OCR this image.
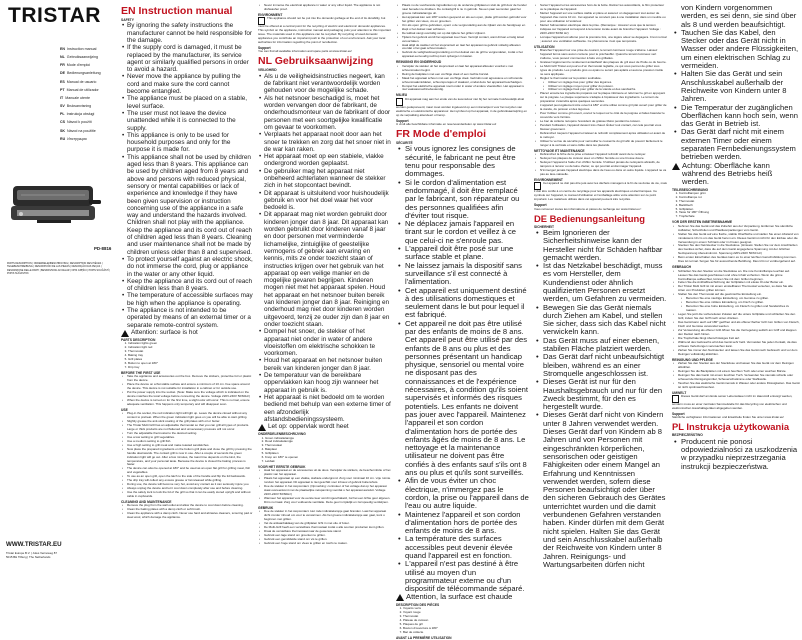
TRISTAR
EN Instruction manual
NL Gebruiksaanwijzing
FR Mode d'emploi
DE Bedienungsanleitung
ES Manual de usuario
PT Manual de utilizador
IT Manuale utente
SV Bruksanvisning
PL Instrukcja obsługi
CS Návod k použití
SK Návod na použitie
RU Инструкция
PD-8816
PARTS DESCRIPTION | ONDERDELENBESCHRIJVING | DESCRIPTION DES PIÈCES | TEILEBESCHREIBUNG | DESCRIPCIÓN DE LAS PIEZAS | DESCRIÇÃO DAS PEÇAS | DESCRIZIONE DELLE PARTI | BESKRIVNING AV DELAR | OPIS CZĘŚCI | POPIS SOUČÁSTÍ | POPIS SÚČIASTOK
WWW.TRISTAR.EU
Tristar Europe B.V. | Jules Verneweg 87
5015 BH Tilburg | The Netherlands
EN Instruction manual
SAFETY
• By ignoring the safety instructions the manufacturer cannot be held responsible for the damage.
• If the supply cord is damaged, it must be replaced by the manufacturer, its service agent or similarly qualified persons in order to avoid a hazard.
• Never move the appliance by pulling the cord and make sure the cord cannot become entangled.
• The appliance must be placed on a stable, level surface.
• The user must not leave the device unattended while it is connected to the supply.
• This appliance is only to be used for household purposes and only for the purpose it is made for.
• This appliance shall not be used by children aged less than 8 years. This appliance can be used by children aged from 8 years and above and persons with reduced physical, sensory or mental capabilities or lack of experience and knowledge if they have been given supervision or instruction concerning use of the appliance in a safe way and understand the hazards involved. Children shall not play with the appliance. Keep the appliance and its cord out of reach of children aged less than 8 years. Cleaning and user maintenance shall not be made by children unless older than 8 and supervised.
• To protect yourself against an electric shock, do not immerse the cord, plug or appliance in the water or any other liquid.
• Keep the appliance and its cord out of reach of children less than 8 years.
• The temperature of accessible surfaces may be high when the appliance is operating.
• The appliance is not intended to be operated by means of an external timer or a separate remote-control system.
Attention: surface is hot
PARTS DESCRIPTION
1. Indication lights green
2. Indication light red
3. Thermostat
4. Baking tray
5. Grill plates
6. Button to open at 180°
7. Drip tray
BEFORE THE FIRST USE
• Take the appliance and accessories out the box. Remove the stickers, protective foil or plastic from the device.
• Place the device on a flat stable surface and ensure a minimum of 10 cm. free space around the device. This device is not suitable for installation in a cabinet or for outside use.
• Put the power supply into the socket. (Note: Make sure the voltage which is indicated on the device matches the local voltage before connecting the device. Voltage 220V-240V 50/60Hz)
• When the device is turned on for the first time, a slight odor will occur. This is normal, ensure adequate ventilation. This happens only temporary and will disappear soon.
USE
• Plug-in the socket, the red indication light will light up. Leave the device closed without any content to preheat. When the green indication light goes on you will be able to start grilling.
• Slightly grease the anti-stick coating of the grill plates with oil or butter.
• The Tristar Multi Grill has an adjustable thermostat so that you can grill all types of products. Large or thick products are not flattened and unnecessary pressure will not occur.
• Turn the adjustable thermostat to the desired setting.
• Use a low setting to grill vegetables.
• Use a medium setting to grill fish.
• Use a high setting to grill meat and make toasted sandwiches.
• Now place the prepared ingredients on the bottom grill plate and close the grill by pressing the handle downwards. The contact grill is now in use. After a couple of seconds the green indication light will go out. After a few minutes, the toast time depends on the kind, the temperature, and your personal taste. Because the device is closed the baking process is faster.
• The device can also be opened at 180° and be used as an open flat grill for grilling meat, fish and vegetables.
• To use as an open grill, open the latch to the side of the handle and flip the lid backwards.
• The drip tray will collect any excess grease or fat released while grilling.
• During use, the device will become very hot, avoid any contact as it can seriously injure you.
• Always unplug the device and let it cool down completely after use and before cleaning.
• Use the safety lock to lock the lid of the grill so that it can be easily stored upright and without cable in cupboards.
CLEANING AND MAINTENANCE
• Remove the plug from the wall outlet and allow the device to cool down before cleaning.
• Clean the baking plates with a damp cloth or soft brush.
• Clean the appliance with a damp cloth. Never use hard and abrasive cleaners, scouring pad or steel wool, which damage the appliance.
• Never immerse the electrical appliance in water or any other liquid. The appliance is not dishwasher proof.
ENVIRONMENT

This appliance should not be put into the domestic garbage at the end of its durability, but must be offered at a central point for the recycling of electric and electronic domestic appliances. This symbol on the appliance, instruction manual and packaging puts your attention to this important issue. The materials used in this appliance can be recycled. By recycling of used domestic appliances you contribute an important push to the protection of our environment. Ask your local authorities for information regarding the point of recollection.

Support

You can find all available information and spare parts at www.tristar.eu!

NL Gebruiksaanwijzing
VEILIGHEID
• Als u de veiligheidsinstructies negeert, kan de fabrikant niet verantwoordelijk worden gehouden voor de mogelijke schade.
• Als het netsnoer beschadigd is, moet het worden vervangen door de fabrikant, de onderhoudsmonteur van de fabrikant of door personen met een soortgelijke kwalificatie om gevaar te voorkomen.
• Verplaats het apparaat nooit door aan het snoer te trekken en zorg dat het snoer niet in de war kan raken.
• Het apparaat moet op een stabiele, vlakke ondergrond worden geplaatst.
• De gebruiker mag het apparaat niet onbeheerd achterlaten wanneer de stekker zich in het stopcontact bevindt.
• Dit apparaat is uitsluitend voor huishoudelijk gebruik en voor het doel waar het voor bedoeld is.
• Dit apparaat mag niet worden gebruikt door kinderen jonger dan 8 jaar. Dit apparaat kan worden gebruikt door kinderen vanaf 8 jaar en door personen met verminderde lichamelijke, zintuiglijke of geestelijke vermogens of gebrek aan ervaring en kennis, mits ze onder toezicht staan of instructies krijgen over het gebruik van het apparaat op een veilige manier en de mogelijke gevaren begrijpen. Kinderen mogen niet met het apparaat spelen. Houd het apparaat en het netsnoer buiten bereik van kinderen jonger dan 8 jaar. Reiniging en onderhoud mag niet door kinderen worden uitgevoerd, tenzij ze ouder zijn dan 8 jaar en onder toezicht staan.
• Dompel het snoer, de stekker of het apparaat niet onder in water of andere vloeistoffen om elektrische schokken te voorkomen.
• Houd het apparaat en het netsnoer buiten bereik van kinderen jonger dan 8 jaar.
• De temperatuur van de bereikbare oppervlakken kan hoog zijn wanneer het apparaat in gebruik is.
• Het apparaat is niet bedoeld om te worden bediend met behulp van een externe timer of een afzonderlijk afstandsbedieningssysteem.
Let op: oppervlak wordt heet
ONDERDELENBESCHRIJVING
1. Groen indicatielampje
2. Rood indicatielampje
3. Thermostaat
4. Bakplaat
5. Grillplaten
6. Knop om 180° te openen
7. Lekbak
VOOR HET EERSTE GEBRUIK
• Haal het apparaat en de accessoires uit de doos. Verwijder de stickers, de beschermfolie of het plastic van het apparaat.
• Plaats het apparaat op een vlakke, stabiele ondergrond. Zorg voor minimaal 10 cm. vrije ruimte rondom het apparaat. Dit apparaat is niet geschikt voor inbouw of gebruik buitenshuis.
• Doe de stekker in het stopcontact. (Opmerking: controleer of het voltage dat op het apparaat staat overeenkomt met de plaatselijke netspanning voordat u het apparaat aansluit. Voltage 220V-240V 50/60Hz)
• Wanneer het apparaat voor de eerste keer wordt ingeschakeld, zal het een lichte geur afgeven. Dit is normaal. Zorg voor voldoende ventilatie. Deze geur is tijdelijk en zal spoedig verdwijnen.
GEBRUIK
• Doe de stekker in het stopcontact. Het rode indicatielampje gaat branden. Laat het apparaat dicht zonder inhoud om voor te verwarmen. Als het groene indicatielampje aan gaat, kunt u beginnen met grillen.
• Vet de antiaanbaklaag van de grillplaten licht in met olie of boter.
• De Multi-Grill heeft een verstelbare thermostaat zodat u alle soorten producten kunt grillen.
• Draai de verstelbare thermostaat naar de gewenste stand.
• Gebruik een lage stand om groenten te grillen.
• Gebruik een gemiddelde stand om vis te grillen.
• Gebruik een hoge stand om vlees te grillen en tosti's te maken.
• Plaats nu de voorbereide ingrediënten op de onderste grillplaat en sluit de grill door de hendel naar beneden te drukken. De contactgrill is nu in gebruik. Na een paar seconden gaat het groene indicatielampje uit.
• Het apparaat kan ook 180° worden geopend en als een open, platte grill worden gebruikt voor het grillen van vlees, vis en groenten.
• Om als open grill te gebruiken, opent u de vergrendeling aan de zijkant van de handgreep en klapt u het deksel naar achteren.
• De lekbak vangt overtollig vet op dat tijdens het grillen vrijkomt.
• Tijdens het gebruik wordt het apparaat zeer heet. Vermijd contact, want dit kan ernstig letsel veroorzaken.
• Haal altijd de stekker uit het stopcontact en laat het apparaat na gebruik volledig afkoelen voordat u het gaat schoonmaken.
• Gebruik de veiligheidsvergrendeling om het deksel van de grill te vergrendelen, zodat u het apparaat eenvoudig rechtop kunt opbergen in kasten.
REINIGING EN ONDERHOUD
• Verwijder de stekker uit het stopcontact en laat het apparaat afkoelen voordat u met schoonmaken begint.
• Reinig de bakplaten met een vochtige doek of een zachte borstel.
• Maak het apparaat schoon met een vochtige doek. Gebruik nooit agressieve en schurende schoonmaakmiddelen, schuursponsjes of staalwol, omdat deze het apparaat beschadigen.
• Dompel het elektrische apparaat nooit onder in water of andere vloeistoffen. Het apparaat is niet vaatwasmachinebestendig.
MILIEU

Dit apparaat mag aan het einde van de levensduur niet bij het normale huishoudelijk afval worden gedeponeerd, maar moet worden ingeleverd op een inzamelpunt voor het recyclen van elektrische en elektronische apparatuur. Het symbool op het apparaat, in de gebruiksaanwijzing en op de verpakking attendeert u hierop.

Support

U vindt alle beschikbare informatie en reserveonderdelen op www.tristar.eu!

FR Mode d'emploi
SÉCURITÉ
• Si vous ignorez les consignes de sécurité, le fabricant ne peut être tenu pour responsable des dommages.
• Si le cordon d'alimentation est endommagé, il doit être remplacé par le fabricant, son réparateur ou des personnes qualifiées afin d'éviter tout risque.
• Ne déplacez jamais l'appareil en tirant sur le cordon et veillez à ce que celui-ci ne s'enroule pas.
• L'appareil doit être posé sur une surface stable et plane.
• Ne laissez jamais la dispositif sans surveillance s'il est connecté à l'alimentation.
• Cet appareil est uniquement destiné à des utilisations domestiques et seulement dans le but pour lequel il est fabriqué.
• Cet appareil ne doit pas être utilisé par des enfants de moins de 8 ans. Cet appareil peut être utilisé par des enfants de 8 ans ou plus et des personnes présentant un handicap physique, sensoriel ou mental voire ne disposant pas des connaissances et de l'expérience nécessaires, à condition qu'ils soient supervisés et informés des risques potentiels. Les enfants ne doivent pas jouer avec l'appareil. Maintenez l'appareil et son cordon d'alimentation hors de portée des enfants âgés de moins de 8 ans. Le nettoyage et la maintenance utilisateur ne doivent pas être confiés à des enfants sauf s'ils ont 8 ans ou plus et qu'ils sont surveillés.
• Afin de vous éviter un choc électrique, n'immergez pas le cordon, la prise ou l'appareil dans de l'eau ou autre liquide.
• Maintenez l'appareil et son cordon d'alimentation hors de portée des enfants de moins de 8 ans.
• La température des surfaces accessibles peut devenir élevée quand l'appareil est en fonction.
• L'appareil n'est pas destiné à être utilisé au moyen d'un programmateur externe ou d'un dispositif de télécommande séparé.
Attention, la surface est chaude
DESCRIPTION DES PIÈCES
1. Voyants verts
2. Voyant rouge
3. Thermostat
4. Plateau de cuisson
5. Plaques de gril
6. Bouton d'ouverture à 180°
7. Bac de collecte
AVANT LA PREMIÈRE UTILISATION
• Sortez l'appareil et les accessoires hors de la boîte. Retirez les autocollants, le film protecteur ou le plastique de l'appareil.
• Mettez l'appareil sur une surface stable et plane et assurez un dégagement tout autour de l'appareil d'au moins 10 cm. Cet appareil ne convient pas à une installation dans un meuble ou pour une utilisation à l'extérieur.
• Mettez l'alimentation électrique dans la prise. (Remarque : Assurez-vous que la tension indiquée sur l'appareil correspond à la tension locale avant de brancher l'appareil. Voltage : 220V-240V 50/60 Hz)
• Lorsque l'appareil est allumé pour la première fois, une légère odeur se dégagera. C'est normal ; assurez une ventilation suffisante. Ce phénomène n'est que temporaire.
UTILISATION
• Branchez l'appareil sur une prise de courant, le témoin lumineux rouge s'allume. Laissez l'appareil fermé sans aucun contenu pour le préchauffer. Quand le témoin lumineux vert s'allume, vous pouvez commencer à faire vos grillades.
• Graissez légèrement le revêtement antiadhésif des plaques du gril avec de l'huile ou du beurre.
• Le Multi Grill Tristar est pourvu d'un thermostat réglable, ce qui vous permet de griller tous types de produits. Les produits gros ou épais ne seront pas aplatis et aucune pression inutile ne sera appliquée.
• Réglez le thermostat sur la position souhaitée.
• Utilisez un réglage bas pour griller des légumes.
• Utilisez un réglage moyen pour griller du poisson.
• Utilisez un réglage haut pour griller de la viande et des sandwichs.
• Placez ensuite les ingrédients préparés sur la plaque inférieure et refermez le gril en appuyant sur la poignée. Le plaque supérieure s'adapte à l'épaisseur des ingrédients. Le témoin de préparation s'éteindra après quelques secondes.
• L'appareil peut également être ouvert à 180° et être utilisé comme gril plat ouvert pour griller de la viande, du poisson et des légumes.
• Pour l'utiliser comme gril ouvert, ouvrez le loquet sur le côté de la poignée et faites basculer le couvercle vers l'arrière.
• Le bac de collecte récupère l'excédent de graisse libéré pendant la cuisson.
• Pendant l'utilisation, l'appareil devient très chaud. Évitez tout contact, car cela pourrait vous blesser gravement.
• Débranchez toujours l'appareil et laissez-le refroidir complètement après utilisation et avant de le nettoyer.
• Utilisez le verrou de sécurité pour verrouiller le couvercle du gril afin de pouvoir facilement le ranger à la verticale et sans câble dans les placards.
NETTOYAGE ET MAINTENANCE
• Débranchez la fiche de la prise et laissez l'appareil refroidir avant de le nettoyer.
• Nettoyez les plaques de cuisson avec un chiffon humide ou une brosse douce.
• Nettoyez l'appareil à l'aide d'un chiffon humide. N'utilisez jamais de nettoyants abrasifs, de tampons à récurer ou de laine d'acier, ce qui pourrait endommager l'appareil.
• N'immergez jamais l'appareil électrique dans de l'eau ou dans un autre liquide. L'appareil ne va pas au lave-vaisselle.
ENVIRONNEMENT

Cet appareil ne doit pas être jeté avec les déchets ménagers à la fin de sa durée de vie, mais il doit être confié à un centre de recyclage pour les appareils électriques et électroniques. Ce symbole sur l'appareil, le manuel d'utilisation et l'emballage attire votre attention sur ce point important. Les matériaux utilisés dans cet appareil peuvent être recyclés.

Support

Vous retrouvez toutes les informations et pièces de rechange sur www.tristar.eu !

DE Bedienungsanleitung
SICHERHEIT
• Beim Ignorieren der Sicherheitshinweise kann der Hersteller nicht für Schäden haftbar gemacht werden.
• Ist das Netzkabel beschädigt, muss es vom Hersteller, dem Kundendienst oder ähnlich qualifizierten Personen ersetzt werden, um Gefahren zu vermeiden.
• Bewegen Sie das Gerät niemals durch Ziehen am Kabel, und stellen Sie sicher, dass sich das Kabel nicht verwickeln kann.
• Das Gerät muss auf einer ebenen, stabilen Fläche platziert werden.
• Das Gerät darf nicht unbeaufsichtigt bleiben, während es an einer Stromquelle angeschlossen ist.
• Dieses Gerät ist nur für den Haushaltsgebrauch und nur für den Zweck bestimmt, für den es hergestellt wurde.
• Dieses Gerät darf nicht von Kindern unter 8 Jahren verwendet werden. Dieses Gerät darf von Kindern ab 8 Jahren und von Personen mit eingeschränkten körperlichen, sensorischen oder geistigen Fähigkeiten oder einem Mangel an Erfahrung und Kenntnissen verwendet werden, sofern diese Personen beaufsichtigt oder über den sicheren Gebrauch des Gerätes unterrichtet wurden und die damit verbundenen Gefahren verstanden haben. Kinder dürfen mit dem Gerät nicht spielen. Halten Sie das Gerät und sein Anschlusskabel außerhalb der Reichweite von Kindern unter 8 Jahren. Reinigungs- und Wartungsarbeiten dürfen nicht
von Kindern vorgenommen werden, es sei denn, sie sind über als 8 und werden beaufsichtigt.
• Tauchen Sie das Kabel, den Stecker oder das Gerät nicht in Wasser oder andere Flüssigkeiten, um einen elektrischen Schlag zu vermeiden.
• Halten Sie das Gerät und sein Anschlusskabel außerhalb der Reichweite von Kindern unter 8 Jahren.
• Die Temperatur der zugänglichen Oberflächen kann hoch sein, wenn das Gerät in Betrieb ist.
• Das Gerät darf nicht mit einem externen Timer oder einem separaten Fernbedienungssystem betrieben werden.
Achtung: Oberfläche kann während des Betriebs heiß werden.
TEILEBESCHREIBUNG
1. Kontrolllampen grün
2. Kontrolllampe rot
3. Thermostat
4. Backblech
5. Grillplatten
6. Taste für 180° Öffnung
7. Tropfschale
VOR DER ERSTEN INBETRIEBNAHME
• Nehmen Sie das Gerät und das Zubehör aus der Verpackung. Entfernen Sie sämtliche Aufkleber, Schutzfolien und Plastikverpackungen vom Gerät.
• Stellen Sie das Gerät auf eine flache, stabile Oberfläche und stellen Sie einen Abstand von mindestens 10 cm um das Gerät herum ein. Dieses Gerät ist nicht für den Einbau oder die Verwendung in einem Schrank oder im Freien geeignet.
• Stecken Sie den Netzstecker in die Steckdose. (Hinweis: Stellen Sie vor dem Anschließen des Gerätes sicher, dass die auf dem Gerät angegebene Spannung mit der örtlichen Netzspannung übereinstimmt. Spannung 220V-240V 50/60 Hz)
• Beim ersten Einschalten des Gerätes kann es zu einer leichten Geruchsbildung kommen. Dies ist normal. Sorgen Sie für ausreichende Belüftung. Dies tritt nur vorübergehend auf.
GEBRAUCH
• Schließen Sie den Stecker an die Steckdose an. Die rote Kontrolllampe leuchtet auf. Lassen Sie das Gerät geschlossen und ohne Inhalt vorheizen. Wenn die grüne Kontrolllampe aufleuchtet, können Sie mit dem Grillen beginnen.
• Fetten Sie die Antihaftbeschichtung der Grillplatten mit etwas Öl oder Butter ein.
• Der Tristar Multi Grill ist mit einem einstellbaren Thermostat versehen, so dass Sie alle Arten von Produkten grillen können.
• Stellen Sie den Thermostat auf die gewünschte Einstellung ein.
• Benutzen Sie eine niedrige Einstellung, um Gemüse zu grillen.
• Benutzen Sie eine mittlere Einstellung, um Fisch zu grillen.
• Benutzen Sie eine hohe Einstellung, um Fleisch zu grillen und Sandwiches zu toasten.
• Legen Sie jetzt die vorbereiteten Zutaten auf die untere Grillplatte und schließen Sie den Grill, indem Sie den Griff nach unten drücken.
• Das Gerät kann auch auf 180° geöffnet und als offener flacher Grill zum Grillen von Fleisch, Fisch und Gemüse verwendet werden.
• Zur Verwendung als offener Grill öffnen Sie die Verriegelung seitlich am Griff und klappen den Deckel nach hinten.
• Die Tropfschale fängt überschüssiges Fett auf.
• Während des Gebrauchs wird das Gerät sehr heiß. Vermeiden Sie jeden Kontakt, da dies schwere Verletzungen verursachen kann.
• Ziehen Sie immer den Netzstecker und lassen Sie das Gerät nach Gebrauch und vor dem Reinigen vollständig abkühlen.
REINIGUNG UND PFLEGE
• Ziehen Sie den Stecker aus der Steckdose und lassen Sie das Gerät vor dem Reinigen abkühlen.
• Reinigen Sie die Backplatten mit einem feuchten Tuch oder einer weichen Bürste.
• Reinigen Sie das Gerät mit einem feuchten Tuch. Verwenden Sie niemals scharfe oder scheuernde Reinigungsmittel, Scheuerschwämme oder Stahlwolle.
• Tauchen Sie das elektrische Gerät niemals in Wasser oder andere Flüssigkeiten. Das Gerät ist nicht spülmaschinenfest.
UMWELT

Dieses Gerät darf am Ende seiner Lebensdauer nicht im Hausmüll entsorgt werden, sondern muss an einer zentralen Sammelstelle für das Recycling von elektrischen und elektronischen Haushaltsgeräten abgegeben werden.

Support

Sämtliche verfügbaren Informationen und Ersatzteile finden Sie unter www.tristar.eu!

PL Instrukcja użytkowania
BEZPIECZEŃSTWO
• Producent nie ponosi odpowiedzialności za uszkodzenia w przypadku nieprzestrzegania instrukcji bezpieczeństwa.
